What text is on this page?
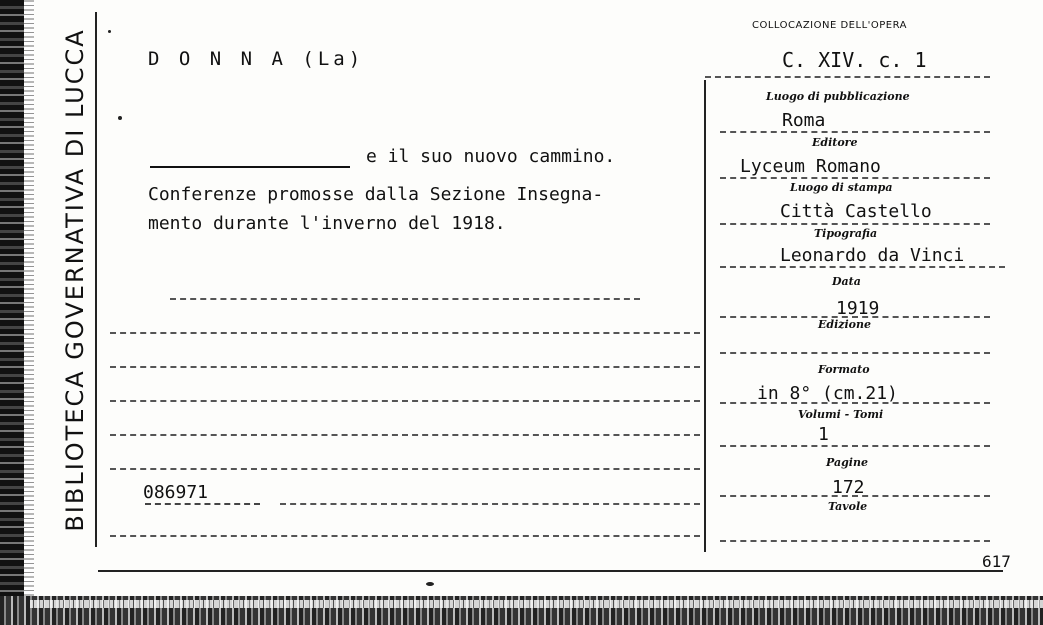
BIBLIOTECA GOVERNATIVA DI LUCCA	D O N N A (La)
e il suo nuovo cammino.
Conferenze promosse dalla Sezione Insegna-
mento durante l'inverno del 1918.
086971
COLLOCAZIONE DELL'OPERA
C. XIV. c. 1
Luogo di pubblicazione
Roma
Editore
Lyceum Romano
Luogo di stampa
Città Castello
Tipografia
Leonardo da Vinci
Data
1919
Edizione
Formato
in 8° (cm.21)
Volumi - Tomi
1
Pagine
172
Tavole
617
